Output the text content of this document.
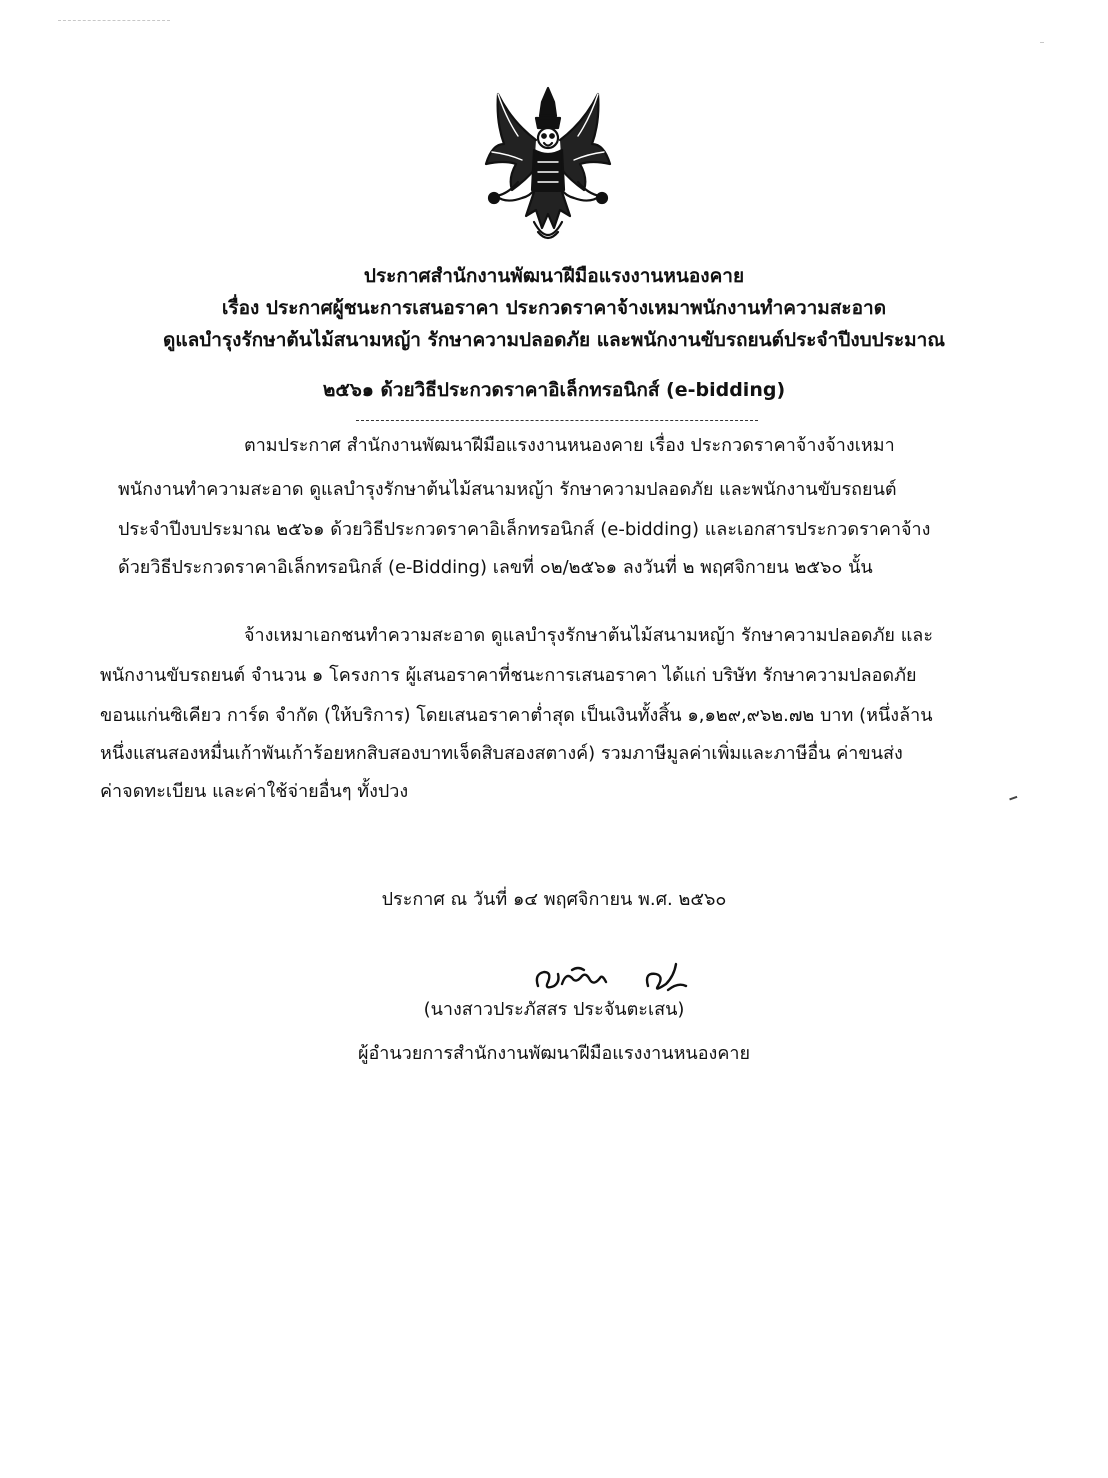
ประกาศสำนักงานพัฒนาฝีมือแรงงานหนองคาย
เรื่อง ประกาศผู้ชนะการเสนอราคา ประกวดราคาจ้างเหมาพนักงานทำความสะอาด
ดูแลบำรุงรักษาต้นไม้สนามหญ้า รักษาความปลอดภัย และพนักงานขับรถยนต์ประจำปีงบประมาณ
๒๕๖๑ ด้วยวิธีประกวดราคาอิเล็กทรอนิกส์ (e-bidding)
ตามประกาศ สำนักงานพัฒนาฝีมือแรงงานหนองคาย เรื่อง ประกวดราคาจ้างจ้างเหมา
พนักงานทำความสะอาด ดูแลบำรุงรักษาต้นไม้สนามหญ้า รักษาความปลอดภัย และพนักงานขับรถยนต์
ประจำปีงบประมาณ ๒๕๖๑ ด้วยวิธีประกวดราคาอิเล็กทรอนิกส์ (e-bidding) และเอกสารประกวดราคาจ้าง
ด้วยวิธีประกวดราคาอิเล็กทรอนิกส์ (e-Bidding) เลขที่ ๐๒/๒๕๖๑ ลงวันที่ ๒ พฤศจิกายน ๒๕๖๐ นั้น
จ้างเหมาเอกชนทำความสะอาด ดูแลบำรุงรักษาต้นไม้สนามหญ้า รักษาความปลอดภัย และ
พนักงานขับรถยนต์ จำนวน ๑ โครงการ ผู้เสนอราคาที่ชนะการเสนอราคา ได้แก่ บริษัท รักษาความปลอดภัย
ขอนแก่นซิเคียว การ์ด จำกัด (ให้บริการ) โดยเสนอราคาต่ำสุด เป็นเงินทั้งสิ้น ๑,๑๒๙,๙๖๒.๗๒ บาท (หนึ่งล้าน
หนึ่งแสนสองหมื่นเก้าพันเก้าร้อยหกสิบสองบาทเจ็ดสิบสองสตางค์) รวมภาษีมูลค่าเพิ่มและภาษีอื่น ค่าขนส่ง
ค่าจดทะเบียน และค่าใช้จ่ายอื่นๆ ทั้งปวง
ประกาศ ณ วันที่ ๑๔ พฤศจิกายน พ.ศ. ๒๕๖๐
(นางสาวประภัสสร ประจันตะเสน)
ผู้อำนวยการสำนักงานพัฒนาฝีมือแรงงานหนองคาย
